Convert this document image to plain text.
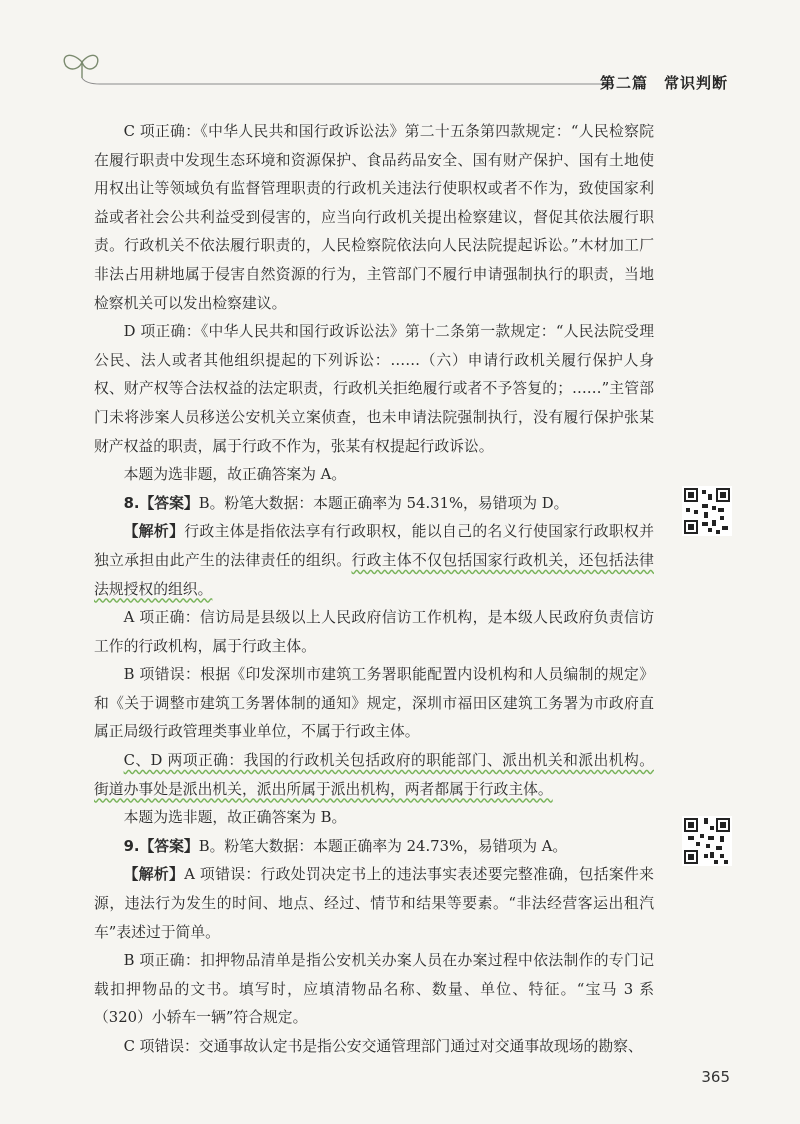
第二篇　常识判断

C 项正确：《中华人民共和国行政诉讼法》第二十五条第四款规定：“人民检察院在履行职责中发现生态环境和资源保护、食品药品安全、国有财产保护、国有土地使用权出让等领域负有监督管理职责的行政机关违法行使职权或者不作为，致使国家利益或者社会公共利益受到侵害的，应当向行政机关提出检察建议，督促其依法履行职责。行政机关不依法履行职责的，人民检察院依法向人民法院提起诉讼。”木材加工厂非法占用耕地属于侵害自然资源的行为，主管部门不履行申请强制执行的职责，当地检察机关可以发出检察建议。

D 项正确：《中华人民共和国行政诉讼法》第十二条第一款规定：“人民法院受理公民、法人或者其他组织提起的下列诉讼：……（六）申请行政机关履行保护人身权、财产权等合法权益的法定职责，行政机关拒绝履行或者不予答复的；……”主管部门未将涉案人员移送公安机关立案侦查，也未申请法院强制执行，没有履行保护张某财产权益的职责，属于行政不作为，张某有权提起行政诉讼。

本题为选非题，故正确答案为 A。

8.【答案】B。粉笔大数据：本题正确率为 54.31%，易错项为 D。

【解析】行政主体是指依法享有行政职权，能以自己的名义行使国家行政职权并独立承担由此产生的法律责任的组织。行政主体不仅包括国家行政机关，还包括法律法规授权的组织。

A 项正确：信访局是县级以上人民政府信访工作机构，是本级人民政府负责信访工作的行政机构，属于行政主体。

B 项错误：根据《印发深圳市建筑工务署职能配置内设机构和人员编制的规定》和《关于调整市建筑工务署体制的通知》规定，深圳市福田区建筑工务署为市政府直属正局级行政管理类事业单位，不属于行政主体。

C、D 两项正确：我国的行政机关包括政府的职能部门、派出机关和派出机构。街道办事处是派出机关，派出所属于派出机构，两者都属于行政主体。

本题为选非题，故正确答案为 B。

9.【答案】B。粉笔大数据：本题正确率为 24.73%，易错项为 A。

【解析】A 项错误：行政处罚决定书上的违法事实表述要完整准确，包括案件来源，违法行为发生的时间、地点、经过、情节和结果等要素。“非法经营客运出租汽车”表述过于简单。

B 项正确：扣押物品清单是指公安机关办案人员在办案过程中依法制作的专门记载扣押物品的文书。填写时，应填清物品名称、数量、单位、特征。“宝马 3 系（320）小轿车一辆”符合规定。

C 项错误：交通事故认定书是指公安交通管理部门通过对交通事故现场的勘察、

365
